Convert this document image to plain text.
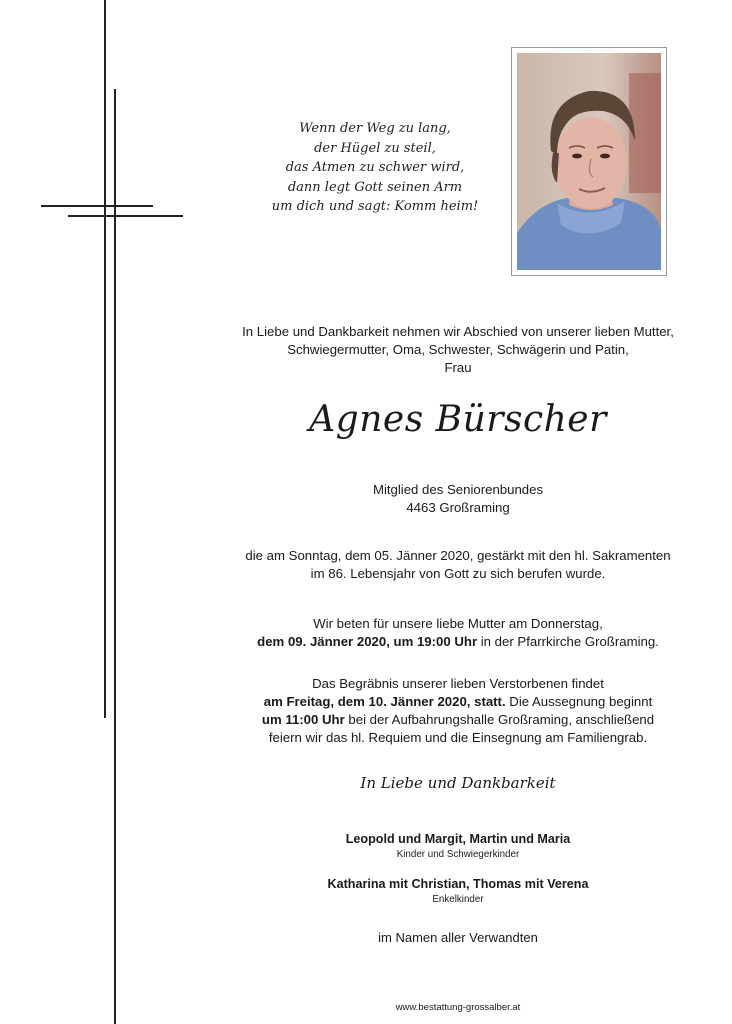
Wenn der Weg zu lang,
der Hügel zu steil,
das Atmen zu schwer wird,
dann legt Gott seinen Arm
um dich und sagt: Komm heim!
In Liebe und Dankbarkeit nehmen wir Abschied von unserer lieben Mutter,
Schwiegermutter, Oma, Schwester, Schwägerin und Patin,
Frau
Agnes Bürscher
Mitglied des Seniorenbundes
4463 Großraming
die am Sonntag, dem 05. Jänner 2020, gestärkt mit den hl. Sakramenten
im 86. Lebensjahr von Gott zu sich berufen wurde.
Wir beten für unsere liebe Mutter am Donnerstag,
dem 09. Jänner 2020, um 19:00 Uhr in der Pfarrkirche Großraming.
Das Begräbnis unserer lieben Verstorbenen findet
am Freitag, dem 10. Jänner 2020, statt. Die Aussegnung beginnt
um 11:00 Uhr bei der Aufbahrungshalle Großraming, anschließend
feiern wir das hl. Requiem und die Einsegnung am Familiengrab.
In Liebe und Dankbarkeit
Leopold und Margit, Martin und Maria
Kinder und Schwiegerkinder
Katharina mit Christian, Thomas mit Verena
Enkelkinder
im Namen aller Verwandten
www.bestattung-grossalber.at
